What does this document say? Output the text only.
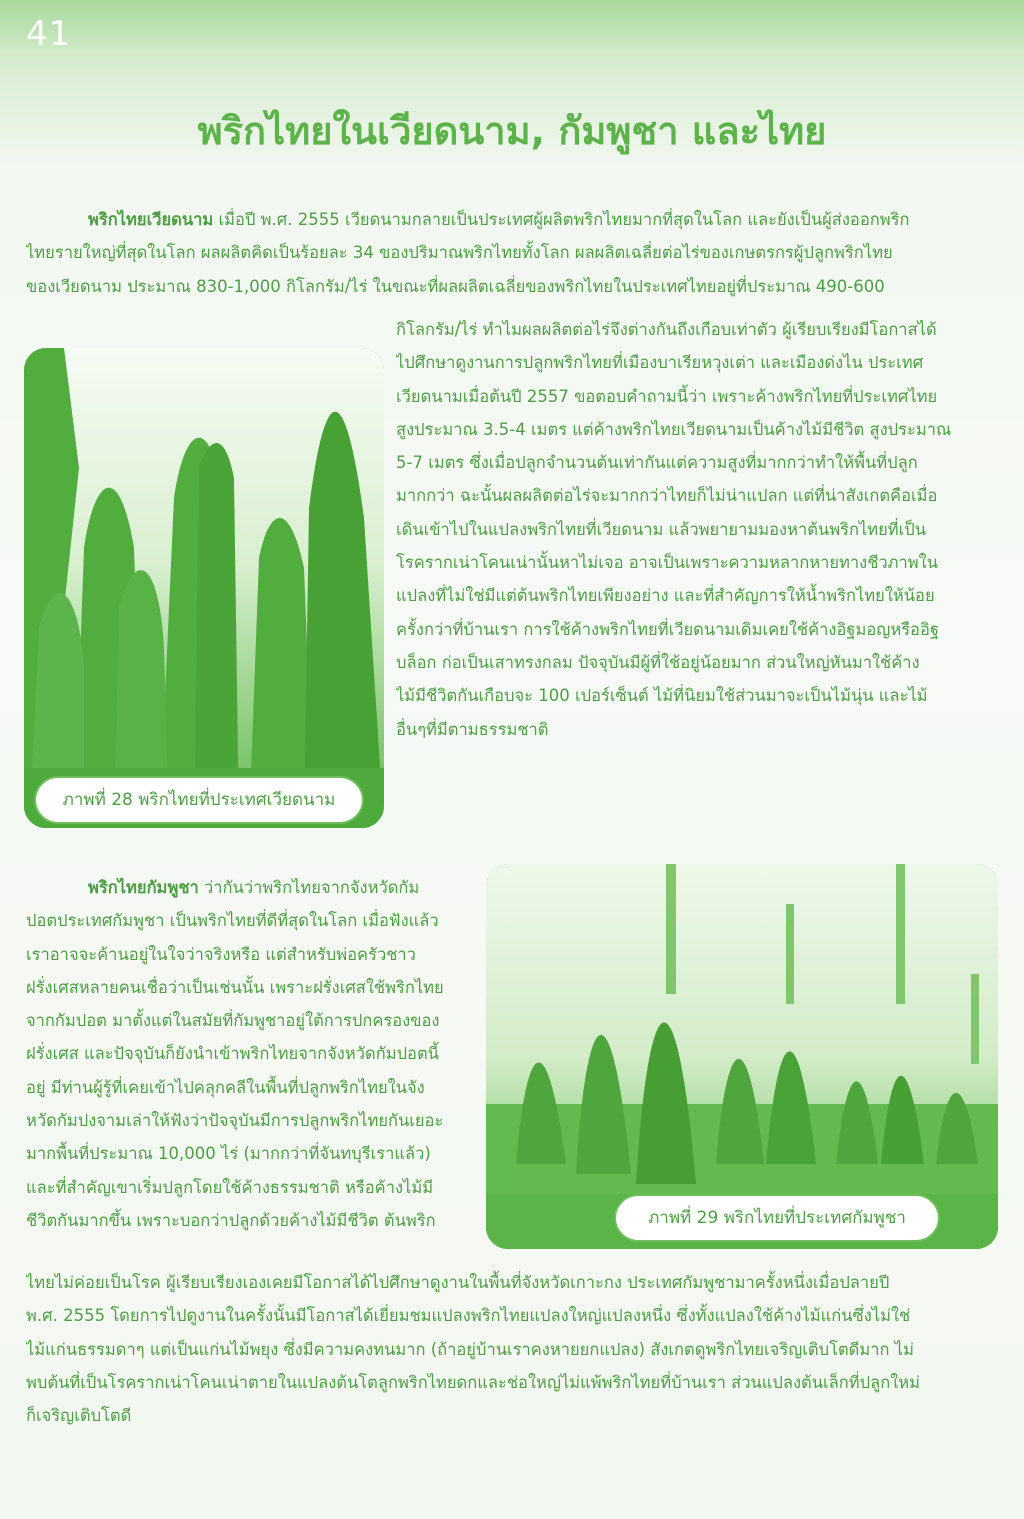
41
พริกไทยในเวียดนาม, กัมพูชา และไทย
พริกไทยเวียดนาม เมื่อปี พ.ศ. 2555 เวียดนามกลายเป็นประเทศผู้ผลิตพริกไทยมากที่สุดในโลก และยังเป็นผู้ส่งออกพริก
ไทยรายใหญ่ที่สุดในโลก ผลผลิตคิดเป็นร้อยละ 34 ของปริมาณพริกไทยทั้งโลก ผลผลิตเฉลี่ยต่อไร่ของเกษตรกรผู้ปลูกพริกไทย
ของเวียดนาม ประมาณ 830-1,000 กิโลกรัม/ไร่ ในขณะที่ผลผลิตเฉลี่ยของพริกไทยในประเทศไทยอยู่ที่ประมาณ 490-600
กิโลกรัม/ไร่ ทำไมผลผลิตต่อไร่จึงต่างกันถึงเกือบเท่าตัว ผู้เรียบเรียงมีโอกาสได้
ไปศึกษาดูงานการปลูกพริกไทยที่เมืองบาเรียหวุงเต่า และเมืองด่งไน ประเทศ
เวียดนามเมื่อต้นปี 2557 ขอตอบคำถามนี้ว่า เพราะค้างพริกไทยที่ประเทศไทย
สูงประมาณ 3.5-4 เมตร แต่ค้างพริกไทยเวียดนามเป็นค้างไม้มีชีวิต สูงประมาณ
5-7 เมตร ซึ่งเมื่อปลูกจำนวนต้นเท่ากันแต่ความสูงที่มากกว่าทำให้พื้นที่ปลูก
มากกว่า ฉะนั้นผลผลิตต่อไร่จะมากกว่าไทยก็ไม่น่าแปลก แต่ที่น่าสังเกตคือเมื่อ
เดินเข้าไปในแปลงพริกไทยที่เวียดนาม แล้วพยายามมองหาต้นพริกไทยที่เป็น
โรครากเน่าโคนเน่านั้นหาไม่เจอ อาจเป็นเพราะความหลากหายทางชีวภาพใน
แปลงที่ไม่ใช่มีแต่ต้นพริกไทยเพียงอย่าง และที่สำคัญการให้น้ำพริกไทยให้น้อย
ครั้งกว่าที่บ้านเรา การใช้ค้างพริกไทยที่เวียดนามเดิมเคยใช้ค้างอิฐมอญหรืออิฐ
บล็อก ก่อเป็นเสาทรงกลม ปัจจุบันมีผู้ที่ใช้อยู่น้อยมาก ส่วนใหญ่หันมาใช้ค้าง
ไม้มีชีวิตกันเกือบจะ 100 เปอร์เซ็นต์ ไม้ที่นิยมใช้ส่วนมาจะเป็นไม้นุ่น และไม้
อื่นๆที่มีตามธรรมชาติ
ภาพที่ 28 พริกไทยที่ประเทศเวียดนาม
พริกไทยกัมพูชา ว่ากันว่าพริกไทยจากจังหวัดกัม
ปอตประเทศกัมพูชา เป็นพริกไทยที่ดีที่สุดในโลก เมื่อฟังแล้ว
เราอาจจะค้านอยู่ในใจว่าจริงหรือ แต่สำหรับพ่อครัวชาว
ฝรั่งเศสหลายคนเชื่อว่าเป็นเช่นนั้น เพราะฝรั่งเศสใช้พริกไทย
จากกัมปอต มาตั้งแต่ในสมัยที่กัมพูชาอยู่ใต้การปกครองของ
ฝรั่งเศส และปัจจุบันก็ยังนำเข้าพริกไทยจากจังหวัดกัมปอตนี้
อยู่ มีท่านผู้รู้ที่เคยเข้าไปคลุกคลีในพื้นที่ปลูกพริกไทยในจัง
หวัดกัมปงจามเล่าให้ฟังว่าปัจจุบันมีการปลูกพริกไทยกันเยอะ
มากพื้นที่ประมาณ 10,000 ไร่ (มากกว่าที่จันทบุรีเราแล้ว)
และที่สำคัญเขาเริ่มปลูกโดยใช้ค้างธรรมชาติ หรือค้างไม้มี
ชีวิตกันมากขึ้น เพราะบอกว่าปลูกด้วยค้างไม้มีชีวิต ต้นพริก
ไทยไม่ค่อยเป็นโรค ผู้เรียบเรียงเองเคยมีโอกาสได้ไปศึกษาดูงานในพื้นที่จังหวัดเกาะกง ประเทศกัมพูชามาครั้งหนึ่งเมื่อปลายปี
พ.ศ. 2555 โดยการไปดูงานในครั้งนั้นมีโอกาสได้เยี่ยมชมแปลงพริกไทยแปลงใหญ่แปลงหนึ่ง ซึ่งทั้งแปลงใช้ค้างไม้แก่นซึ่งไม่ใช่
ไม้แก่นธรรมดาๆ แต่เป็นแก่นไม้พยุง ซึ่งมีความคงทนมาก (ถ้าอยู่บ้านเราคงหายยกแปลง) สังเกตดูพริกไทยเจริญเติบโตดีมาก ไม่
พบต้นที่เป็นโรครากเน่าโคนเน่าตายในแปลงต้นโตลูกพริกไทยดกและช่อใหญ่ไม่แพ้พริกไทยที่บ้านเรา ส่วนแปลงต้นเล็กที่ปลูกใหม่
ก็เจริญเติบโตดี
ภาพที่ 29 พริกไทยที่ประเทศกัมพูชา
